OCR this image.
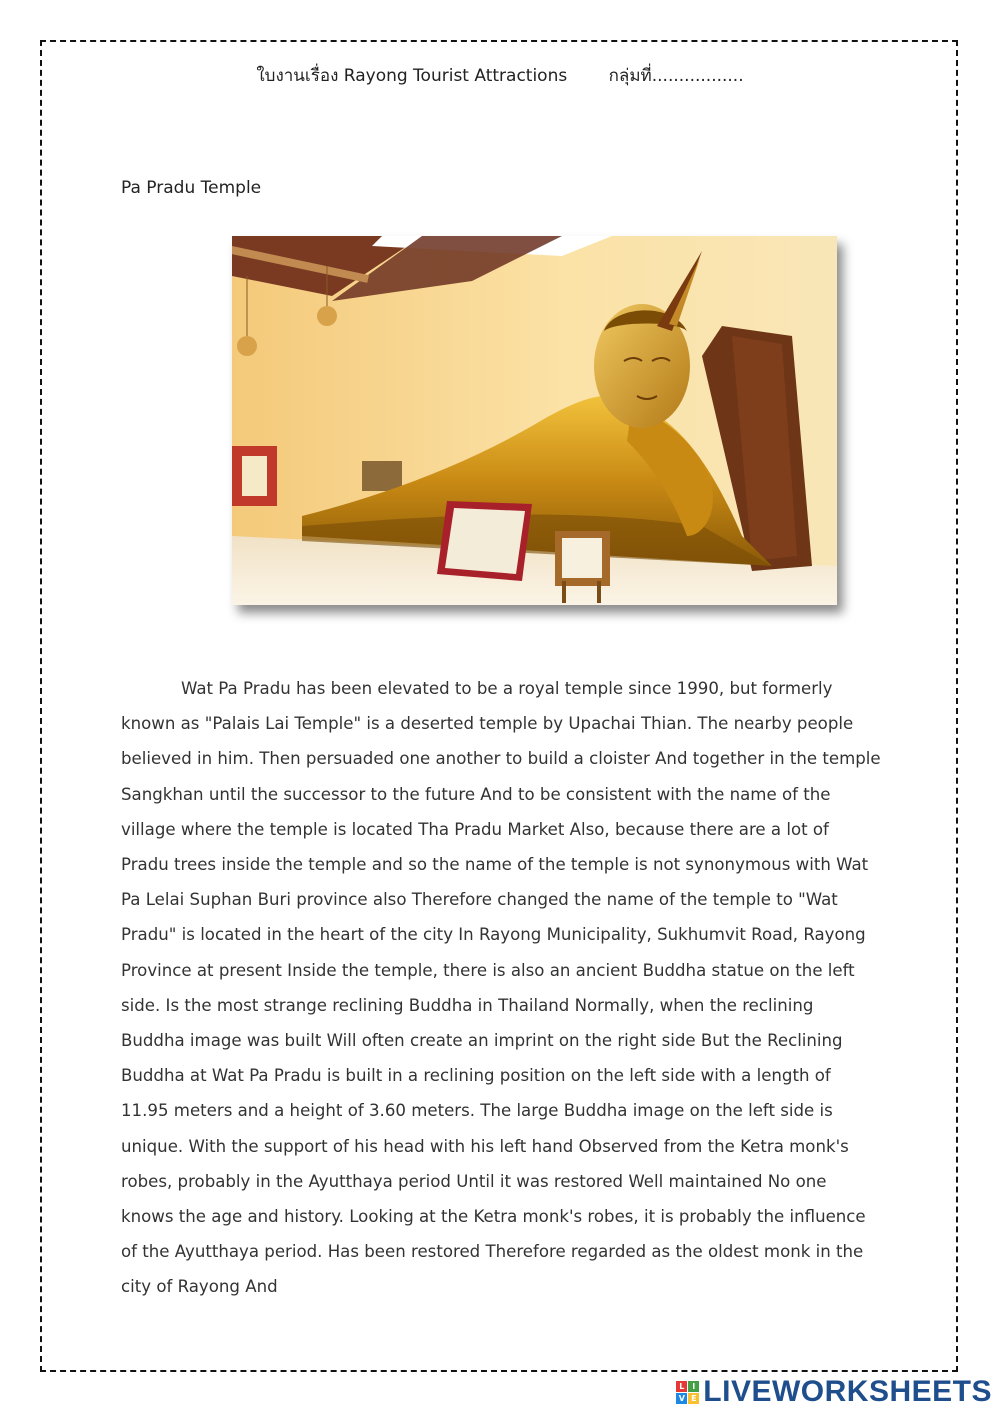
ใบงานเรื่อง Rayong Tourist Attractions กลุ่มที่.................
Pa Pradu Temple

Wat Pa Pradu has been elevated to be a royal temple since 1990, but formerly known as "Palais Lai Temple" is a deserted temple by Upachai Thian. The nearby people believed in him. Then persuaded one another to build a cloister And together in the temple Sangkhan until the successor to the future And to be consistent with the name of the village where the temple is located Tha Pradu Market Also, because there are a lot of Pradu trees inside the temple and so the name of the temple is not synonymous with Wat Pa Lelai Suphan Buri province also Therefore changed the name of the temple to "Wat Pradu" is located in the heart of the city In Rayong Municipality, Sukhumvit Road, Rayong Province at present Inside the temple, there is also an ancient Buddha statue on the left side. Is the most strange reclining Buddha in Thailand Normally, when the reclining Buddha image was built Will often create an imprint on the right side But the Reclining Buddha at Wat Pa Pradu is built in a reclining position on the left side with a length of 11.95 meters and a height of 3.60 meters. The large Buddha image on the left side is unique. With the support of his head with his left hand Observed from the Ketra monk's robes, probably in the Ayutthaya period Until it was restored Well maintained No one knows the age and history. Looking at the Ketra monk's robes, it is probably the influence of the Ayutthaya period. Has been restored Therefore regarded as the oldest monk in the city of Rayong And

L I
V E LIVEWORKSHEETS
